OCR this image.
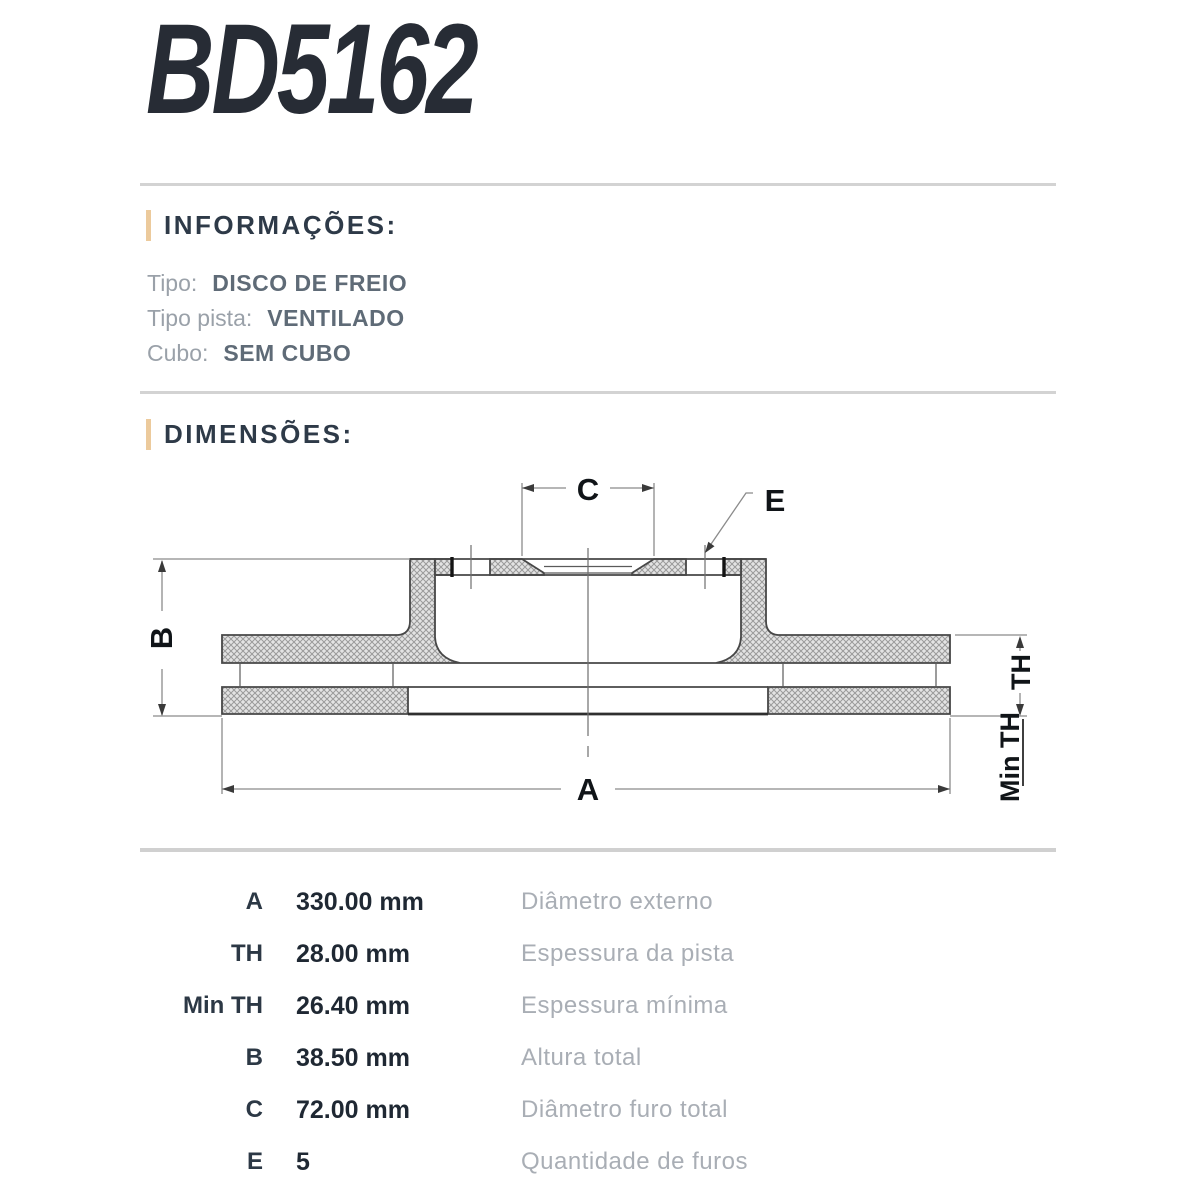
BD5162
INFORMAÇÕES:
Tipo: DISCO DE FREIO
Tipo pista: VENTILADO
Cubo: SEM CUBO
DIMENSÕES:
C	E
B
A
TH
Min TH
A 330.00 mm	Diâmetro externo
TH 28.00 mm	Espessura da pista
Min TH 26.40 mm	Espessura mínima
B 38.50 mm	Altura total
C 72.00 mm	Diâmetro furo total
E 5	Quantidade de furos
